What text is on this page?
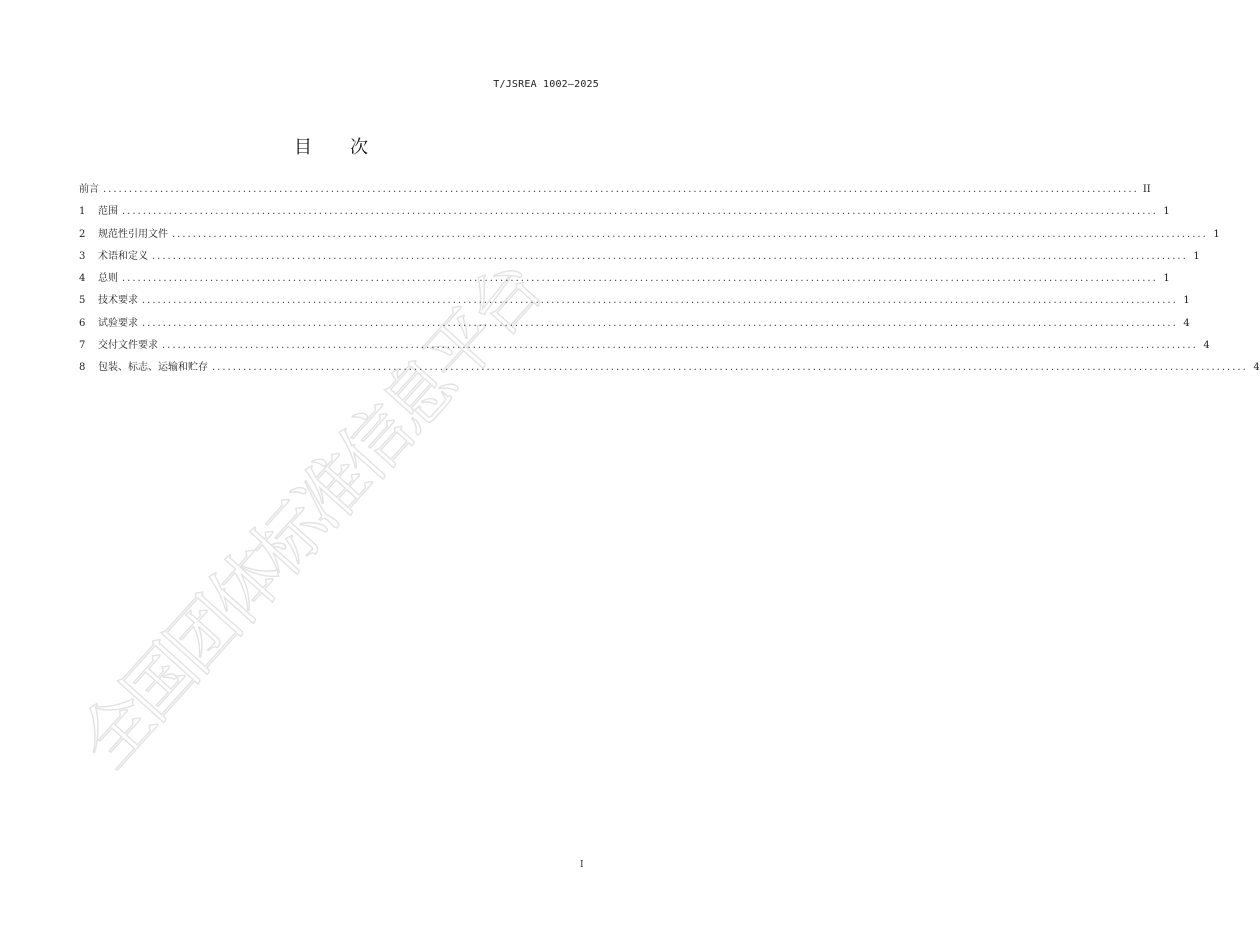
全国团体标准信息平台
T/JSREA 1002—2025
目 次
前言 ........................................................................................................................................................................................................ II
1	范围 ........................................................................................................................................................................................................ 1
2	规范性引用文件 ........................................................................................................................................................................................................ 1
3	术语和定义 ........................................................................................................................................................................................................ 1
4	总则 ........................................................................................................................................................................................................ 1
5	技术要求 ........................................................................................................................................................................................................ 1
6	试验要求 ........................................................................................................................................................................................................ 4
7	交付文件要求 ........................................................................................................................................................................................................ 4
8	包装、标志、运输和贮存 ........................................................................................................................................................................................................ 4
I
